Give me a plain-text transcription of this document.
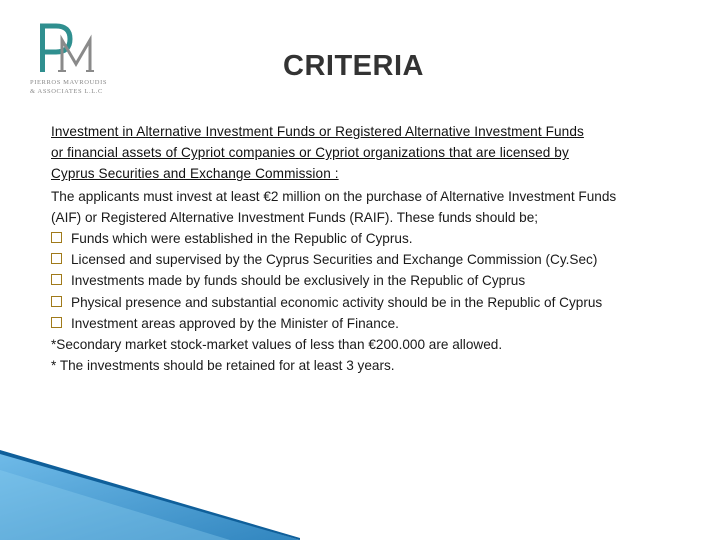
PIERROS MAVROUDIS
& ASSOCIATES L.L.C
CRITERIA
Investment in Alternative Investment Funds or Registered Alternative Investment Funds
or financial assets of Cypriot companies or Cypriot organizations that are licensed by
Cyprus Securities and Exchange Commission :
The applicants must invest at least €2 million on the purchase of Alternative Investment Funds
(AIF) or Registered Alternative Investment Funds (RAIF). These funds should be;
Funds which were established in the Republic of Cyprus.
Licensed and supervised by the Cyprus Securities and Exchange Commission (Cy.Sec)
Investments made by funds should be exclusively in the Republic of Cyprus
Physical presence and substantial economic activity should be in the Republic of Cyprus
Investment areas approved by the Minister of Finance.
*Secondary market stock-market values of less than €200.000 are allowed.
* The investments should be retained for at least 3 years.
